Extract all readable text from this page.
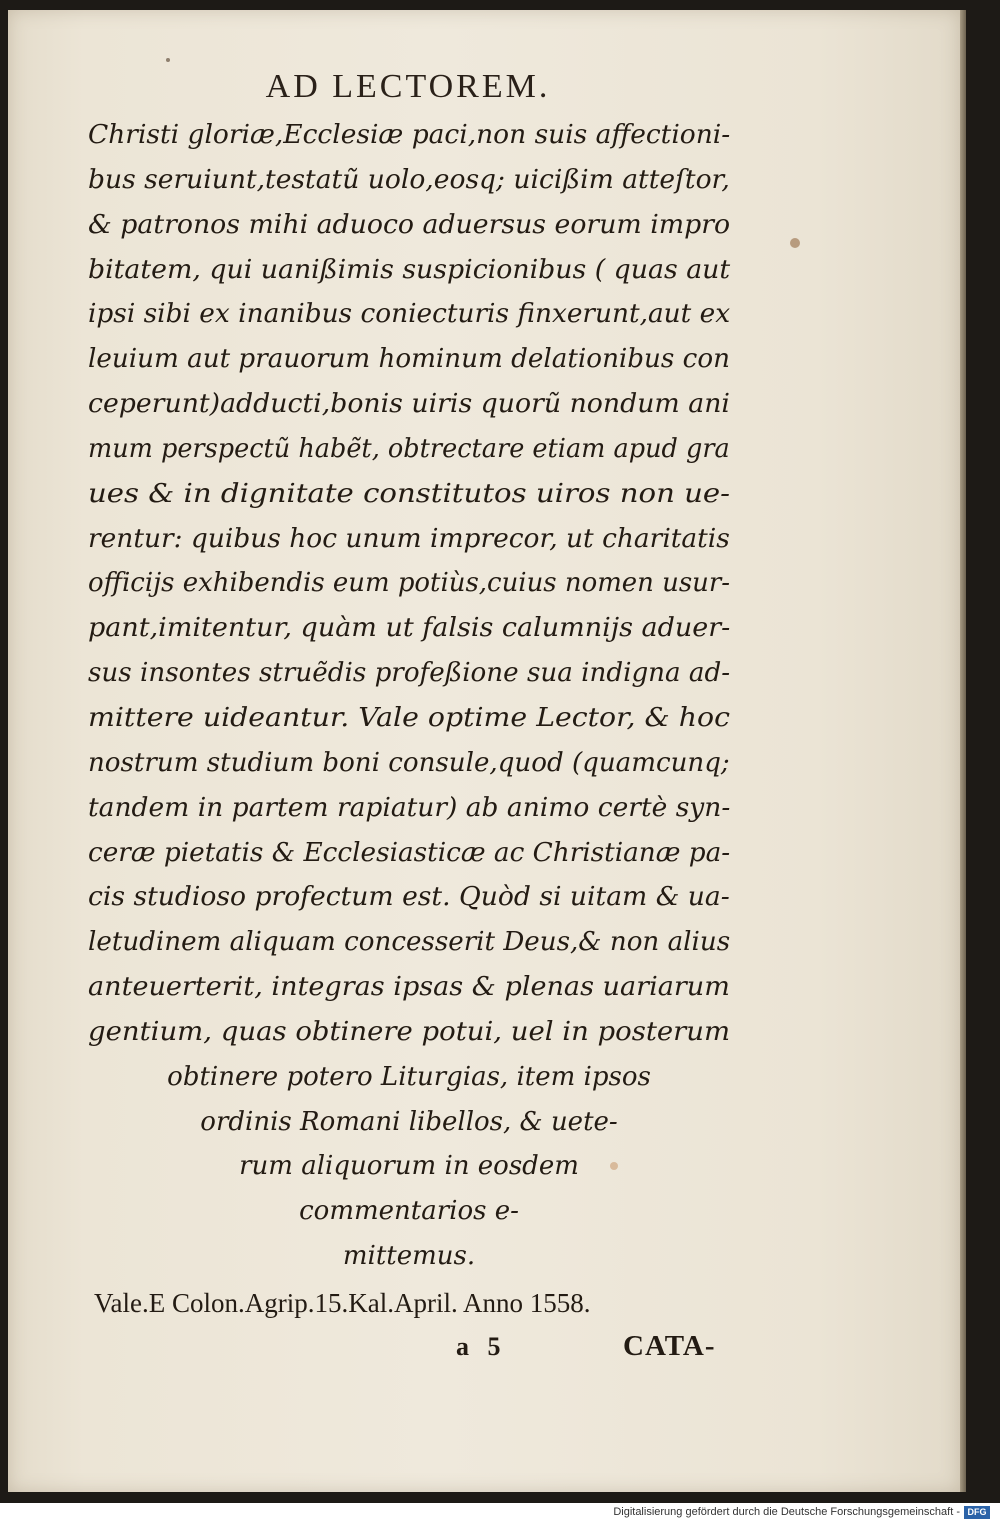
AD LECTOREM.
Christi gloriæ,Ecclesiæ paci,non suis affectioni-
bus seruiunt,testatũ uolo,eosq; uicißim atteſtor,
& patronos mihi aduoco aduersus eorum impro
bitatem, qui uanißimis suspicionibus ( quas aut
ipsi sibi ex inanibus coniecturis finxerunt,aut ex
leuium aut prauorum hominum delationibus con
ceperunt)adducti,bonis uiris quorũ nondum ani
mum perspectũ habẽt, obtrectare etiam apud gra
ues & in dignitate constitutos uiros non ue-
rentur: quibus hoc unum imprecor, ut charitatis
officijs exhibendis eum potiùs,cuius nomen usur-
pant,imitentur, quàm ut falsis calumnijs aduer-
sus insontes struẽdis profeßione sua indigna ad-
mittere uideantur. Vale optime Lector, & hoc
nostrum studium boni consule,quod (quamcunq;
tandem in partem rapiatur) ab animo certè syn-
ceræ pietatis & Ecclesiasticæ ac Christianæ pa-
cis studioso profectum est. Quòd si uitam & ua-
letudinem aliquam concesserit Deus,& non alius
anteuerterit, integras ipsas & plenas uariarum
gentium, quas obtinere potui, uel in posterum
obtinere potero Liturgias, item ipsos
ordinis Romani libellos, & uete-
rum aliquorum in eosdem
commentarios e-
mittemus.
Vale.E Colon.Agrip.15.Kal.April. Anno 1558.
a 5	CATA-
Digitalisierung gefördert durch die Deutsche Forschungsgemeinschaft - DFG
